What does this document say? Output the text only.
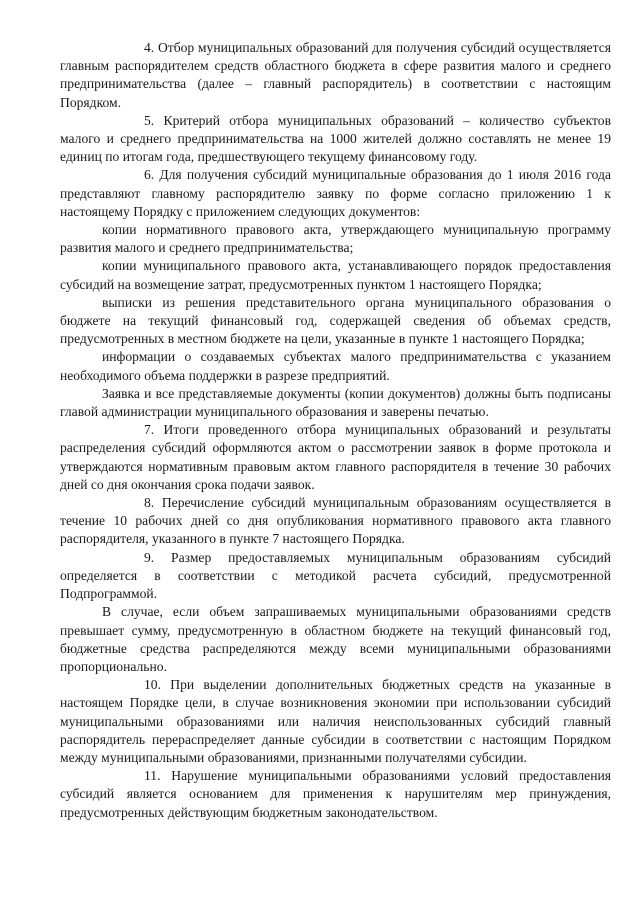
4. Отбор муниципальных образований для получения субсидий осуществляется главным распорядителем средств областного бюджета в сфере развития малого и среднего предпринимательства (далее – главный распорядитель) в соответствии с настоящим Порядком.

5. Критерий отбора муниципальных образований – количество субъектов малого и среднего предпринимательства на 1000 жителей должно составлять не менее 19 единиц по итогам года, предшествующего текущему финансовому году.

6. Для получения субсидий муниципальные образования до 1 июля 2016 года представляют главному распорядителю заявку по форме согласно приложению 1 к настоящему Порядку с приложением следующих документов:

копии нормативного правового акта, утверждающего муниципальную программу развития малого и среднего предпринимательства;

копии муниципального правового акта, устанавливающего порядок предоставления субсидий на возмещение затрат, предусмотренных пунктом 1 настоящего Порядка;

выписки из решения представительного органа муниципального образования о бюджете на текущий финансовый год, содержащей сведения об объемах средств, предусмотренных в местном бюджете на цели, указанные в пункте 1 настоящего Порядка;

информации о создаваемых субъектах малого предпринимательства с указанием необходимого объема поддержки в разрезе предприятий.

Заявка и все представляемые документы (копии документов) должны быть подписаны главой администрации муниципального образования и заверены печатью.

7. Итоги проведенного отбора муниципальных образований и результаты распределения субсидий оформляются актом о рассмотрении заявок в форме протокола и утверждаются нормативным правовым актом главного распорядителя в течение 30 рабочих дней со дня окончания срока подачи заявок.

8. Перечисление субсидий муниципальным образованиям осуществляется в течение 10 рабочих дней со дня опубликования нормативного правового акта главного распорядителя, указанного в пункте 7 настоящего Порядка.

9. Размер предоставляемых муниципальным образованиям субсидий определяется в соответствии с методикой расчета субсидий, предусмотренной Подпрограммой.

В случае, если объем запрашиваемых муниципальными образованиями средств превышает сумму, предусмотренную в областном бюджете на текущий финансовый год, бюджетные средства распределяются между всеми муниципальными образованиями пропорционально.

10. При выделении дополнительных бюджетных средств на указанные в настоящем Порядке цели, в случае возникновения экономии при использовании субсидий муниципальными образованиями или наличия неиспользованных субсидий главный распорядитель перераспределяет данные субсидии в соответствии с настоящим Порядком между муниципальными образованиями, признанными получателями субсидии.

11. Нарушение муниципальными образованиями условий предоставления субсидий является основанием для применения к нарушителям мер принуждения, предусмотренных действующим бюджетным законодательством.
